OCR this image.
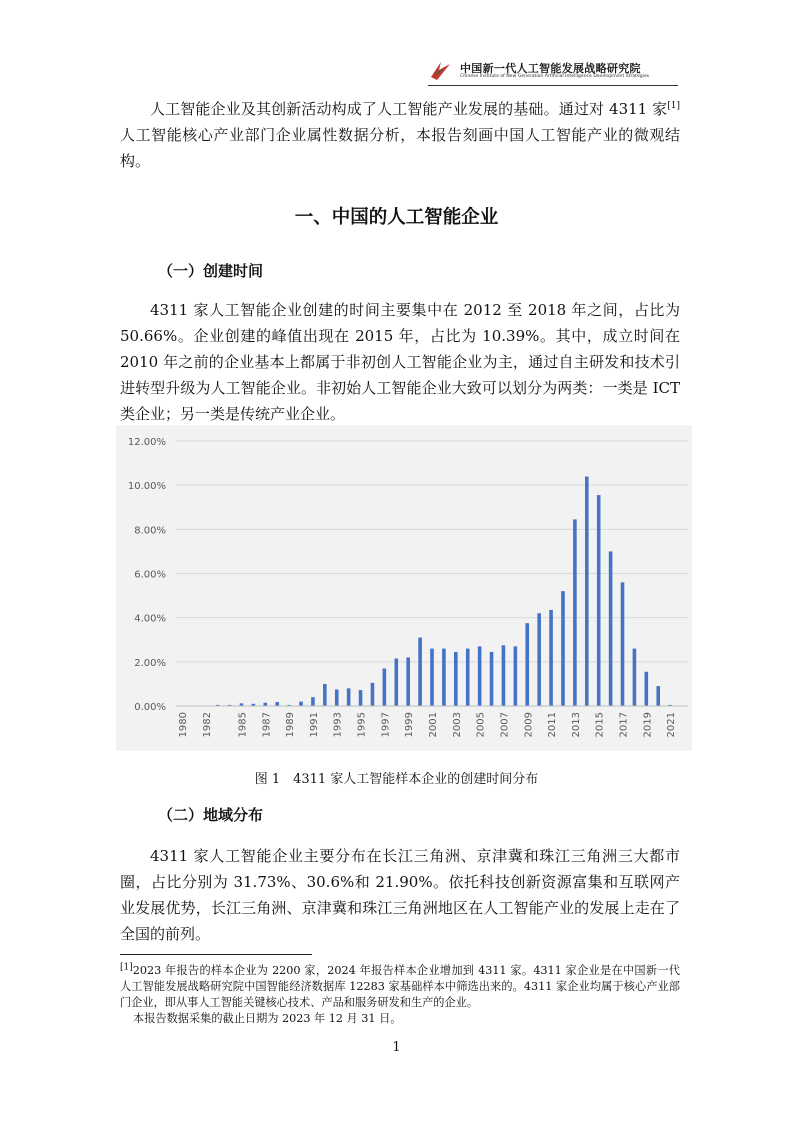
中国新一代人工智能发展战略研究院
Chinese Institute of New Generation Artificial Intelligence Development Strategies
人工智能企业及其创新活动构成了人工智能产业发展的基础。通过对 4311 家[1]人工智能核心产业部门企业属性数据分析，本报告刻画中国人工智能产业的微观结构。
一、中国的人工智能企业
（一）创建时间
4311 家人工智能企业创建的时间主要集中在 2012 至 2018 年之间，占比为 50.66%。企业创建的峰值出现在 2015 年，占比为 10.39%。其中，成立时间在 2010 年之前的企业基本上都属于非初创人工智能企业为主，通过自主研发和技术引进转型升级为人工智能企业。非初始人工智能企业大致可以划分为两类：一类是 ICT 类企业；另一类是传统产业企业。
0.00%
2.00%
4.00%
6.00%
8.00%
10.00%
12.00%
1980 1982 1985 1987 1989 1991 1993 1995 1997 1999 2001 2003 2005 2007 2009 2011 2013 2015 2017 2019 2021
图 1　4311 家人工智能样本企业的创建时间分布
（二）地域分布
4311 家人工智能企业主要分布在长江三角洲、京津冀和珠江三角洲三大都市圈，占比分别为 31.73%、30.6%和 21.90%。依托科技创新资源富集和互联网产业发展优势，长江三角洲、京津冀和珠江三角洲地区在人工智能产业的发展上走在了全国的前列。
[1]2023 年报告的样本企业为 2200 家，2024 年报告样本企业增加到 4311 家。4311 家企业是在中国新一代人工智能发展战略研究院中国智能经济数据库 12283 家基础样本中筛选出来的。4311 家企业均属于核心产业部门企业，即从事人工智能关键核心技术、产品和服务研发和生产的企业。
本报告数据采集的截止日期为 2023 年 12 月 31 日。
1
